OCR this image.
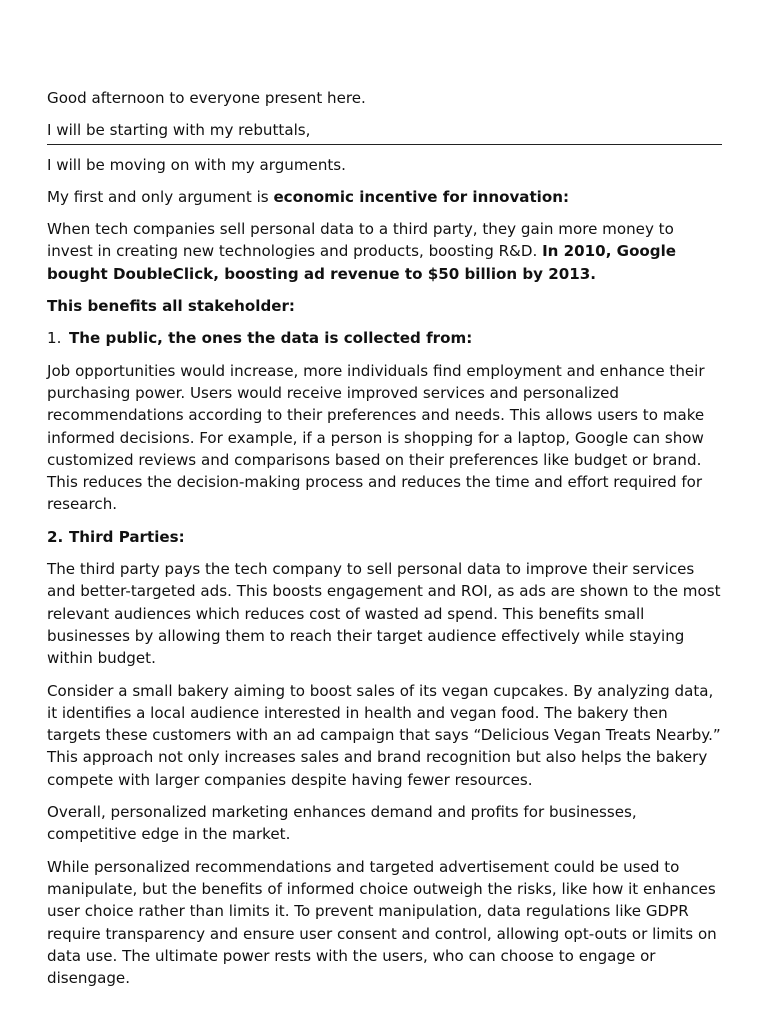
Good afternoon to everyone present here.

I will be starting with my rebuttals,

I will be moving on with my arguments.

My first and only argument is economic incentive for innovation:

When tech companies sell personal data to a third party, they gain more money to invest in creating new technologies and products, boosting R&D. In 2010, Google bought DoubleClick, boosting ad revenue to $50 billion by 2013.

This benefits all stakeholder:

1. The public, the ones the data is collected from:

Job opportunities would increase, more individuals find employment and enhance their purchasing power. Users would receive improved services and personalized recommendations according to their preferences and needs. This allows users to make informed decisions. For example, if a person is shopping for a laptop, Google can show customized reviews and comparisons based on their preferences like budget or brand. This reduces the decision-making process and reduces the time and effort required for research.

2. Third Parties:

The third party pays the tech company to sell personal data to improve their services and better-targeted ads. This boosts engagement and ROI, as ads are shown to the most relevant audiences which reduces cost of wasted ad spend. This benefits small businesses by allowing them to reach their target audience effectively while staying within budget.

Consider a small bakery aiming to boost sales of its vegan cupcakes. By analyzing data, it identifies a local audience interested in health and vegan food. The bakery then targets these customers with an ad campaign that says “Delicious Vegan Treats Nearby.” This approach not only increases sales and brand recognition but also helps the bakery compete with larger companies despite having fewer resources.

Overall, personalized marketing enhances demand and profits for businesses, competitive edge in the market.

While personalized recommendations and targeted advertisement could be used to manipulate, but the benefits of informed choice outweigh the risks, like how it enhances user choice rather than limits it. To prevent manipulation, data regulations like GDPR require transparency and ensure user consent and control, allowing opt-outs or limits on data use. The ultimate power rests with the users, who can choose to engage or disengage.
